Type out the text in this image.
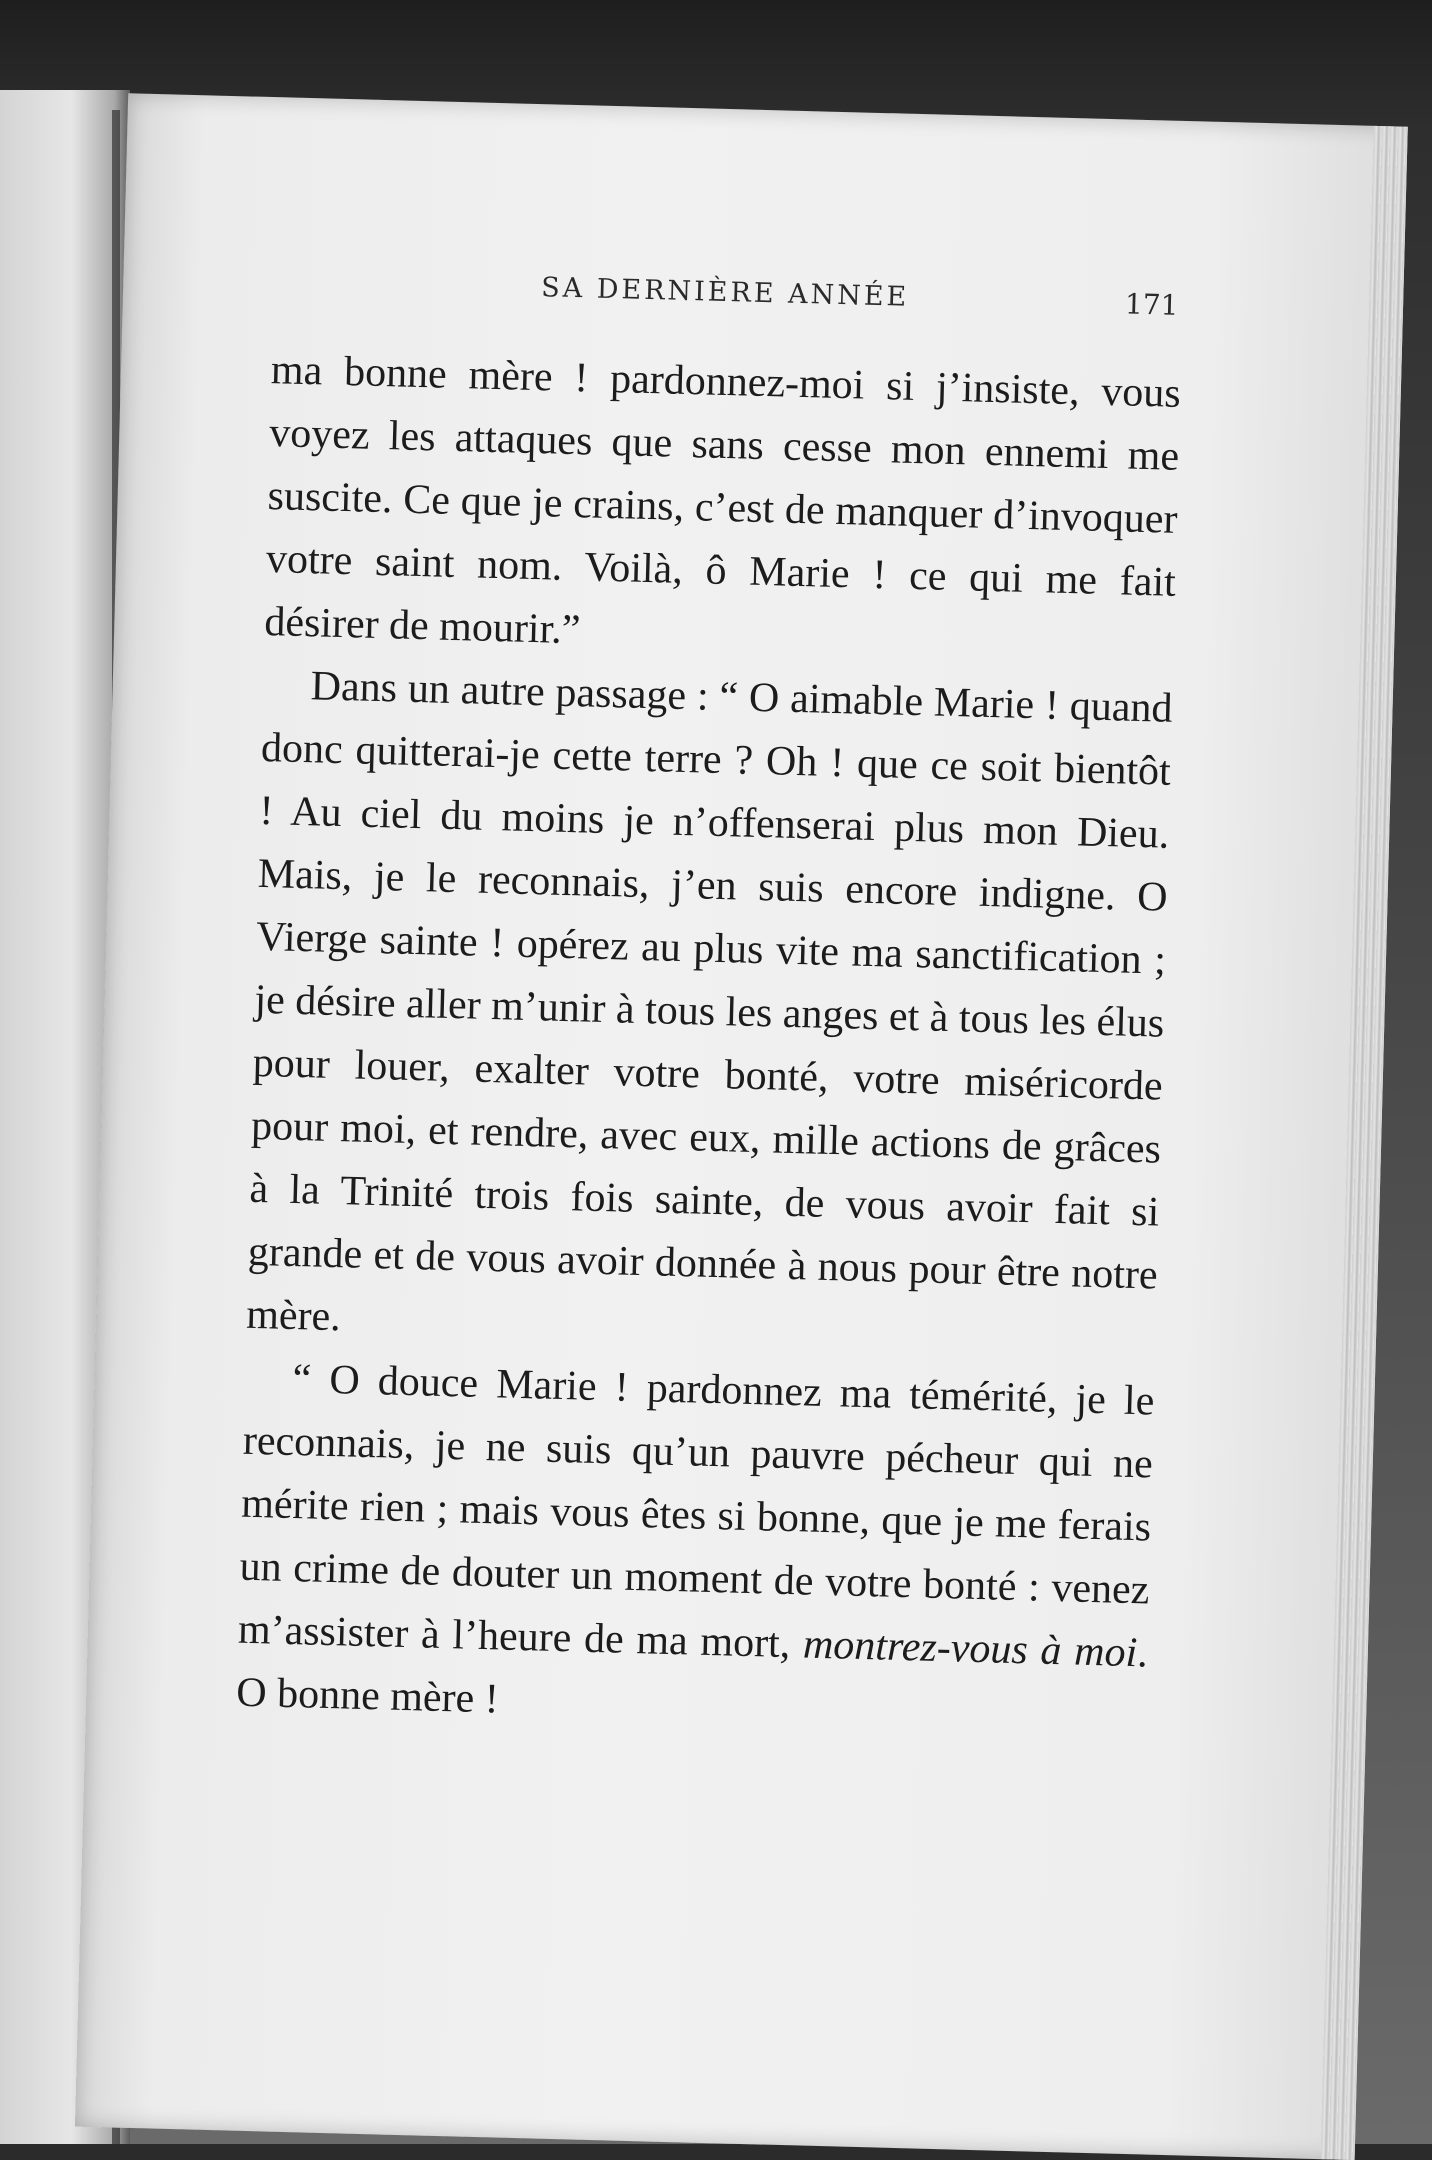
SA DERNIÈRE ANNÉE	171

ma bonne mère ! pardonnez-moi si j’insiste, vous voyez les attaques que sans cesse mon ennemi me suscite. Ce que je crains, c’est de manquer d’invoquer votre saint nom. Voilà, ô Marie ! ce qui me fait désirer de mourir.”

Dans un autre passage : “ O aimable Marie ! quand donc quitterai-je cette terre ? Oh ! que ce soit bientôt ! Au ciel du moins je n’offenserai plus mon Dieu. Mais, je le reconnais, j’en suis encore indigne. O Vierge sainte ! opérez au plus vite ma sanctification ; je désire aller m’unir à tous les anges et à tous les élus pour louer, exalter votre bonté, votre miséricorde pour moi, et rendre, avec eux, mille actions de grâces à la Trinité trois fois sainte, de vous avoir fait si grande et de vous avoir donnée à nous pour être notre mère.

“ O douce Marie ! pardonnez ma témérité, je le reconnais, je ne suis qu’un pauvre pécheur qui ne mérite rien ; mais vous êtes si bonne, que je me ferais un crime de douter un moment de votre bonté : venez m’assister à l’heure de ma mort, montrez-vous à moi. O bonne mère !
